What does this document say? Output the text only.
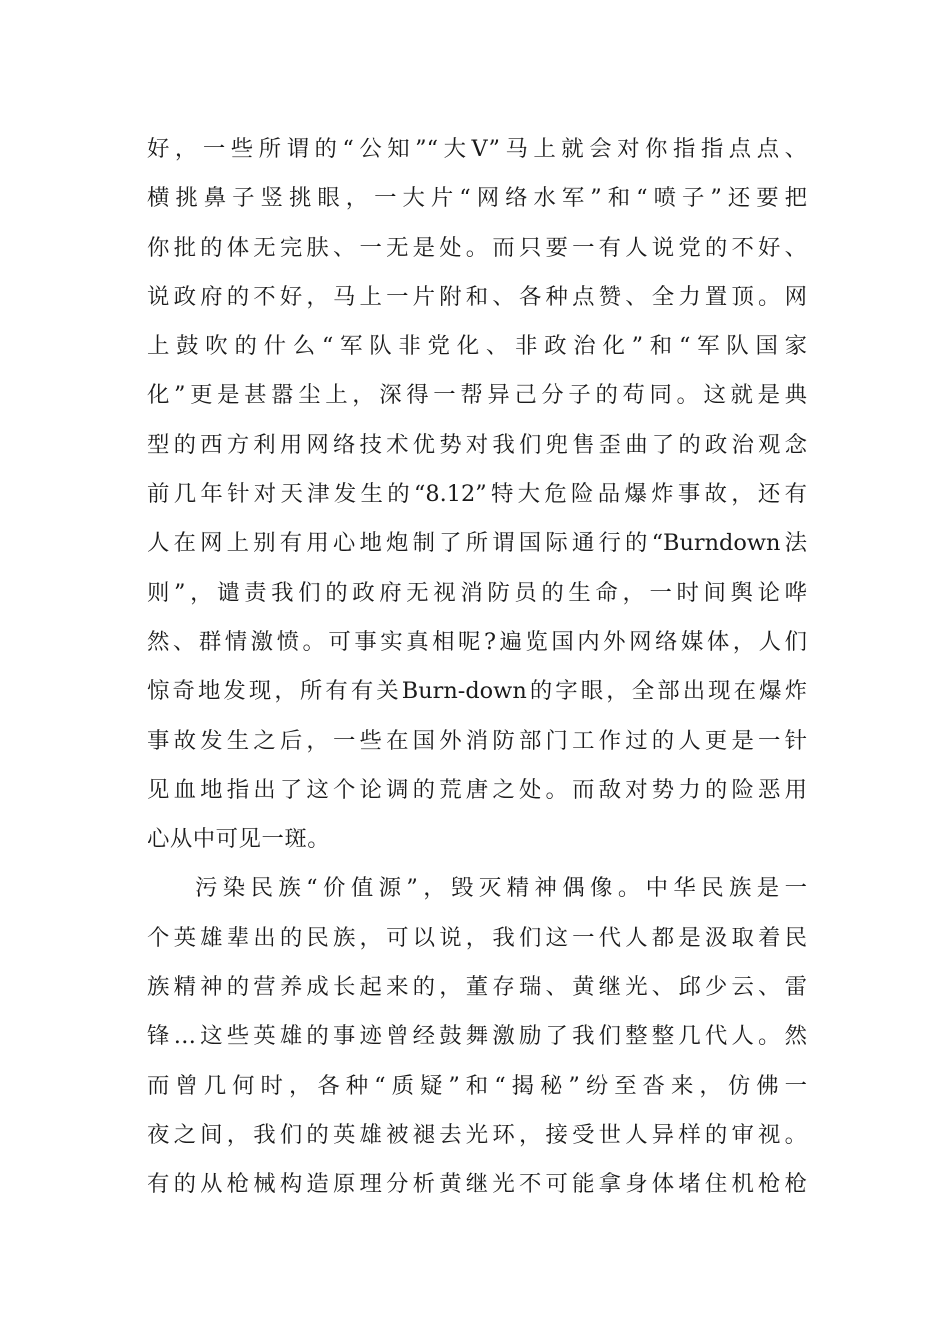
好，一些所谓的“公知”“大V”马上就会对你指指点点、
横挑鼻子竖挑眼，一大片“网络水军”和“喷子”还要把
你批的体无完肤、一无是处。而只要一有人说党的不好、
说政府的不好，马上一片附和、各种点赞、全力置顶。网
上鼓吹的什么“军队非党化、非政治化”和“军队国家
化”更是甚嚣尘上，深得一帮异己分子的苟同。这就是典
型的西方利用网络技术优势对我们兜售歪曲了的政治观念
前几年针对天津发生的“8.12”特大危险品爆炸事故，还有
人在网上别有用心地炮制了所谓国际通行的“Burndown法
则”，谴责我们的政府无视消防员的生命，一时间舆论哗
然、群情激愤。可事实真相呢?遍览国内外网络媒体，人们
惊奇地发现，所有有关Burn-down的字眼，全部出现在爆炸
事故发生之后，一些在国外消防部门工作过的人更是一针
见血地指出了这个论调的荒唐之处。而敌对势力的险恶用
心从中可见一斑。
污染民族“价值源”，毁灭精神偶像。中华民族是一
个英雄辈出的民族，可以说，我们这一代人都是汲取着民
族精神的营养成长起来的，董存瑞、黄继光、邱少云、雷
锋…这些英雄的事迹曾经鼓舞激励了我们整整几代人。然
而曾几何时，各种“质疑”和“揭秘”纷至沓来，仿佛一
夜之间，我们的英雄被褪去光环，接受世人异样的审视。
有的从枪械构造原理分析黄继光不可能拿身体堵住机枪枪
